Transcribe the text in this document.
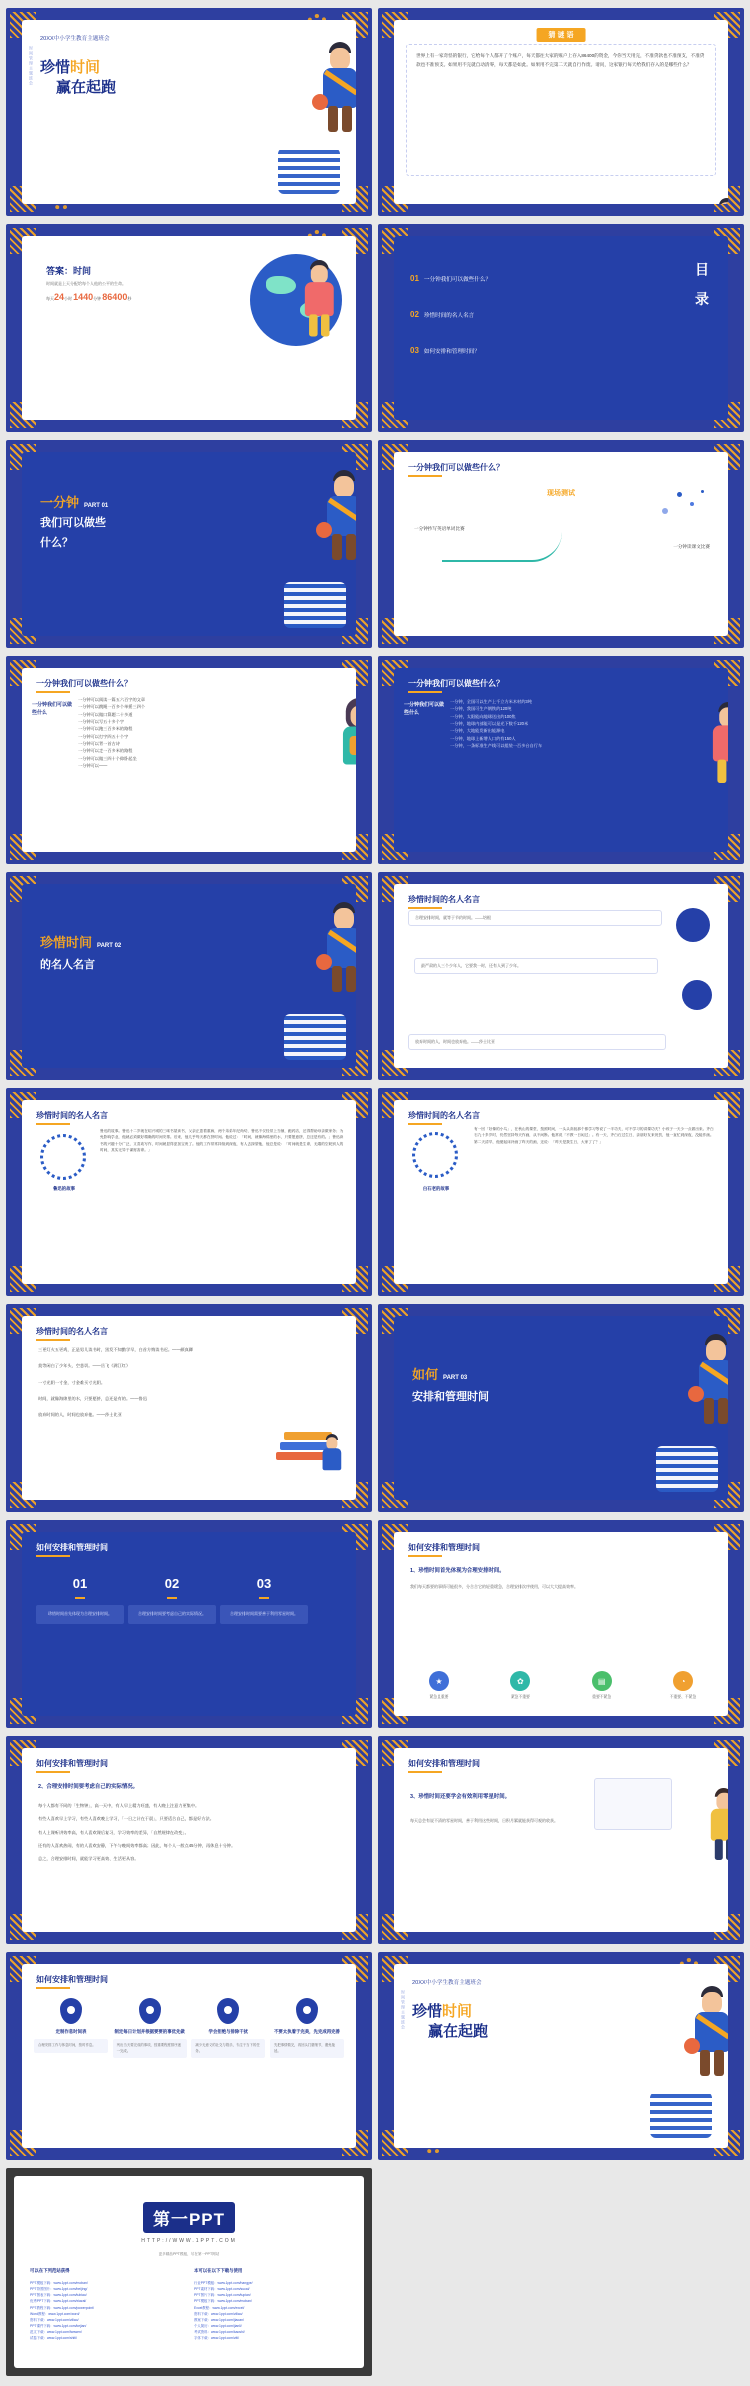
20XX中小学生教育主题班会
时间管理主题班会 珍惜时间
赢在起跑
猜 谜 语
世界上有一家奇怪的银行，它给每个人都开了个账户，每天都往大家的账户上存入86400的资金，今你当天用完，不准贷款也不准预支，不准贷款也不准预支。如果用不完就自动清零，每天都是如此。如果用不完第二天就自行作废。请问，这家银行每天给我们存入的是哪些什么？
答案：时间
时间就是上天分配给每个人他的公平的生命。
每天24小时 1440分钟 86400秒
01 一分钟我们可以做些什么？
02 珍惜时间的名人名言
03 如何安排和管理时间？
目 录
一分钟 PART 01
我们可以做些
什么？
一分钟我们可以做些什么？
现场测试
一分钟抄写英语单词比赛
一分钟读课文比赛
一分钟我们可以做些什么？
一分钟我们可以做些什么
一分钟可以阅读一篇五六百字的文章
一分钟可以跳绳一百多个单摇三四个
一分钟可以做口算题二十多道
一分钟可以写五十多个字
一分钟可以跑三百多米的路程
一分钟可以打字四五十个字
一分钟可以背一首古诗
一分钟可以走一百多米的路程
一分钟可以做三四十个仰卧起坐
一分钟可以——
一分钟我们可以做些什么？
一分钟我们可以做些什么
一分钟，全国可以生产上千立方米木材约3吨
一分钟，我国可生产钢铁约120吨
一分钟，太阳能向地球送出约100焦
一分钟，地球内部能可以是光下数千120米
一分钟，大地能发新出能源电
一分钟，地球上新增人口约有150人
一分钟，一条标准生产线可以组装一百多台自行车
珍惜时间 PART 02
的名人名言
珍惜时间的名人名言
合理安排时间，就等于节约时间。——培根
最严肃的人三个少年人，它要我一时，还有人到了少年。
放弃时间的人，时间也放弃他。——莎士比亚
珍惜时间的名人名言
鲁迅的故事
鲁迅的故事。鲁迅十二岁就在绍兴城的三味书屋读书，父亲正患着重病，两个弟弟年纪尚幼，鲁迅不仅经常上当铺，跑药店，还得帮助母亲做家务；为免影响学业，他就必须做好精确的时间安排。后来，他几乎每天都在挤时间。他说过：「时间，就像海绵里的水，只要愿意挤，总还是有的。」鲁迅读书的兴趣十分广泛，又喜欢写作，时间就显得更加宝贵了。他的工作常常持续到深夜，有人去探望他，他总是说：「时间就是生命，无端的空耗别人的时间，其实无异于谋财害命。」
珍惜时间的名人名言
白石老的故事
有一回「好像的小鸟」，在秋山的课堂，按照时间，一头头高低那个都学习等说了一半功夫，可不学习的讲课功夫？小孩子一天少一点做出来。齐白石九十多岁时，仍然坚持每天作画，从不间断。他常说「不教一日闲过」。有一天，齐白石过生日，亲朋好友来祝贺，他一直忙到深夜，没能作画。第二天清早，他便起床补画了昨天的画，还说：「昨天是我生日，大家了了？」
珍惜时间的名人名言
三更灯火五更鸡，正是男儿读书时，黑发不知勤学早，白首方悔读书迟。——颜真卿
莫等闲白了少年头，空悲切。——岳飞《满江红》
一寸光阴一寸金，寸金难买寸光阴。
时间，就像海绵里的水，只要愿挤，总还是有的。——鲁迅
放弃时间的人，时间也放弃他。——莎士比亚
如何 PART 03
安排和管理时间
如何安排和管理时间
01
珍惜时间首先体现为合理安排时间。
02
合理安排时间要考虑自己的实际情况。
03
合理安排时间需要善于利用零星时间。
如何安排和管理时间
1、珍惜时间首先体现为合理安排时间。
我们每天都要的事情可能很多，分合合它的轻重缓急，合理安排次序使用，可以大大提高效率。
★
紧急且重要
✿
紧急不重要
▤
重要不紧急
◔
不重要、不紧急
如何安排和管理时间
2、合理安排时间要考虑自己的实际情况。
每个人都有不同的「生物钟」，高一天中，有人早上精力旺盛，有人晚上注意力更集中。
有些人喜欢早上学习，有些人喜欢晚上学习，「一日之计在于晨」，只要适合自己，都是好方法。
有人上课听讲效率高，有人喜欢课后复习，学习效率的差异，「自然规律在改变」。
还有的人喜欢热闹，有的人喜欢安静，下午与晚间效率都高；因此，每个人一般点45分钟，再休息十分钟。
总之，合理安排时间，就能学习更高效、生活更从容。
如何安排和管理时间
3、珍惜时间还要学会有效利用零星时间。
每天总会有说不清的零星时间，善于利用这些时间，日积月累就能获得可观的收获。
如何安排和管理时间
定制作息时间表
合理安排工作与休息时间，按时作息。
制定每日计划并根据要要的事优先做
列出当天要完成的事项，按重要程度排序逐一完成。
学会拒绝与排除干扰
减少无意义的社交与娱乐，专注于当下的任务。
不要太执着于完美，先完成再完善
先把事情做完，再回头打磨细节，避免拖延。
20XX中小学生教育主题班会
时间管理主题班会 珍惜时间
赢在起跑
第一PPT
HTTP://WWW.1PPT.COM
更多精品PPT模板，尽在第一PPT网站
可以在下列范站获得	本可以在以下下载与使用
PPT模板下载：www.1ppt.com/moban/
PPT背景图片：www.1ppt.com/beijing/
PPT图表下载：www.1ppt.com/tubiao/
优秀PPT下载：www.1ppt.com/xiazai/
PPT教程下载：www.1ppt.com/powerpoint/
Word教程：www.1ppt.com/word/
资料下载：www.1ppt.com/ziliao/
PPT课件下载：www.1ppt.com/kejian/
范文下载：www.1ppt.com/fanwen/
试卷下载：www.1ppt.com/shiti/
行业PPT模板：www.1ppt.com/hangye/
PPT素材下载：www.1ppt.com/sucai/
PPT图片下载：www.1ppt.com/tupian/
PPT模板下载：www.1ppt.com/moban/
Excel教程：www.1ppt.com/excel/
资料下载：www.1ppt.com/ziliao/
教案下载：www.1ppt.com/jiaoan/
个人简历：www.1ppt.com/jianli/
考试资料：www.1ppt.com/kaoshi/
字体下载：www.1ppt.com/ziti/
